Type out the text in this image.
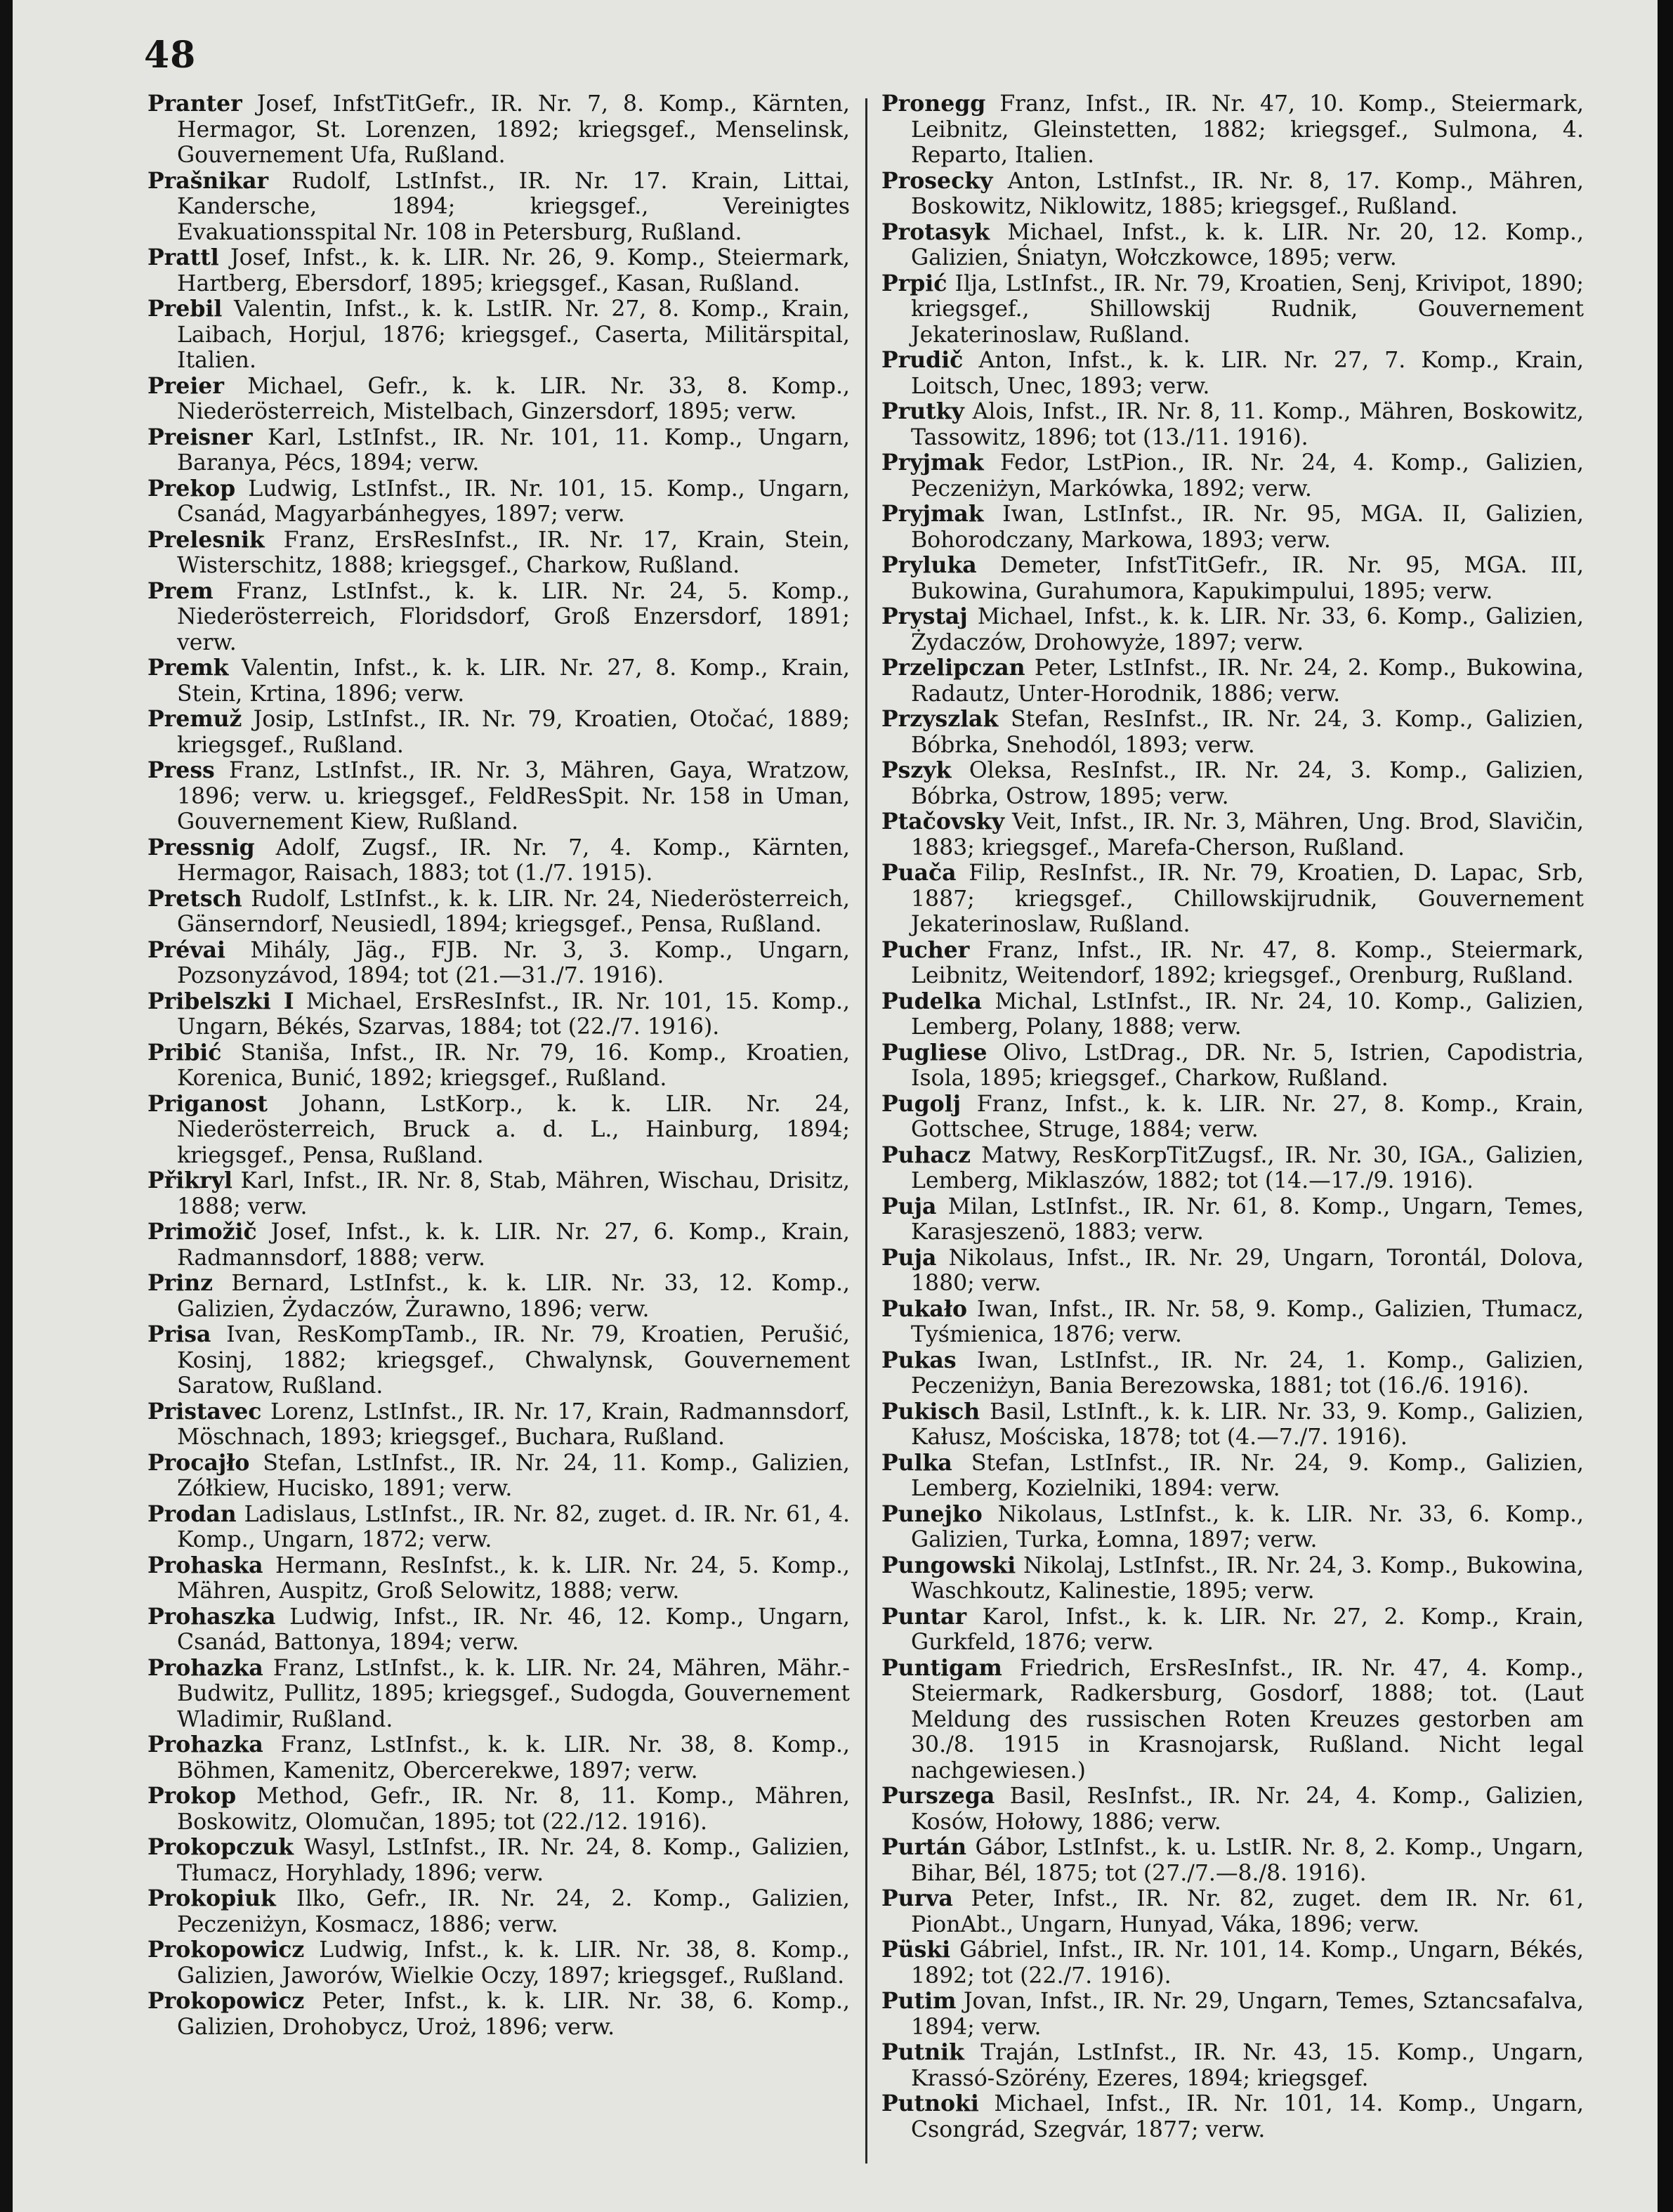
48

Pranter Josef, InfstTitGefr., IR. Nr. 7, 8. Komp., Kärnten, Hermagor, St. Lorenzen, 1892; kriegsgef., Menselinsk, Gouvernement Ufa, Rußland.

Prašnikar Rudolf, LstInfst., IR. Nr. 17. Krain, Littai, Kandersche, 1894; kriegsgef., Vereinigtes Evakuationsspital Nr. 108 in Petersburg, Rußland.

Prattl Josef, Infst., k. k. LIR. Nr. 26, 9. Komp., Steiermark, Hartberg, Ebersdorf, 1895; kriegsgef., Kasan, Rußland.

Prebil Valentin, Infst., k. k. LstIR. Nr. 27, 8. Komp., Krain, Laibach, Horjul, 1876; kriegsgef., Caserta, Militärspital, Italien.

Preier Michael, Gefr., k. k. LIR. Nr. 33, 8. Komp., Niederösterreich, Mistelbach, Ginzersdorf, 1895; verw.

Preisner Karl, LstInfst., IR. Nr. 101, 11. Komp., Ungarn, Baranya, Pécs, 1894; verw.

Prekop Ludwig, LstInfst., IR. Nr. 101, 15. Komp., Ungarn, Csanád, Magyarbánhegyes, 1897; verw.

Prelesnik Franz, ErsResInfst., IR. Nr. 17, Krain, Stein, Wisterschitz, 1888; kriegsgef., Charkow, Rußland.

Prem Franz, LstInfst., k. k. LIR. Nr. 24, 5. Komp., Niederösterreich, Floridsdorf, Groß Enzersdorf, 1891; verw.

Premk Valentin, Infst., k. k. LIR. Nr. 27, 8. Komp., Krain, Stein, Krtina, 1896; verw.

Premuž Josip, LstInfst., IR. Nr. 79, Kroatien, Otočać, 1889; kriegsgef., Rußland.

Press Franz, LstInfst., IR. Nr. 3, Mähren, Gaya, Wratzow, 1896; verw. u. kriegsgef., FeldResSpit. Nr. 158 in Uman, Gouvernement Kiew, Rußland.

Pressnig Adolf, Zugsf., IR. Nr. 7, 4. Komp., Kärnten, Hermagor, Raisach, 1883; tot (1./7. 1915).

Pretsch Rudolf, LstInfst., k. k. LIR. Nr. 24, Niederösterreich, Gänserndorf, Neusiedl, 1894; kriegsgef., Pensa, Rußland.

Prévai Mihály, Jäg., FJB. Nr. 3, 3. Komp., Ungarn, Pozsonyzávod, 1894; tot (21.—31./7. 1916).

Pribelszki I Michael, ErsResInfst., IR. Nr. 101, 15. Komp., Ungarn, Békés, Szarvas, 1884; tot (22./7. 1916).

Pribić Staniša, Infst., IR. Nr. 79, 16. Komp., Kroatien, Korenica, Bunić, 1892; kriegsgef., Rußland.

Priganost Johann, LstKorp., k. k. LIR. Nr. 24, Niederösterreich, Bruck a. d. L., Hainburg, 1894; kriegsgef., Pensa, Rußland.

Přikryl Karl, Infst., IR. Nr. 8, Stab, Mähren, Wischau, Drisitz, 1888; verw.

Primožič Josef, Infst., k. k. LIR. Nr. 27, 6. Komp., Krain, Radmannsdorf, 1888; verw.

Prinz Bernard, LstInfst., k. k. LIR. Nr. 33, 12. Komp., Galizien, Żydaczów, Żurawno, 1896; verw.

Prisa Ivan, ResKompTamb., IR. Nr. 79, Kroatien, Perušić, Kosinj, 1882; kriegsgef., Chwalynsk, Gouvernement Saratow, Rußland.

Pristavec Lorenz, LstInfst., IR. Nr. 17, Krain, Radmannsdorf, Möschnach, 1893; kriegsgef., Buchara, Rußland.

Procajło Stefan, LstInfst., IR. Nr. 24, 11. Komp., Galizien, Zółkiew, Hucisko, 1891; verw.

Prodan Ladislaus, LstInfst., IR. Nr. 82, zuget. d. IR. Nr. 61, 4. Komp., Ungarn, 1872; verw.

Prohaska Hermann, ResInfst., k. k. LIR. Nr. 24, 5. Komp., Mähren, Auspitz, Groß Selowitz, 1888; verw.

Prohaszka Ludwig, Infst., IR. Nr. 46, 12. Komp., Ungarn, Csanád, Battonya, 1894; verw.

Prohazka Franz, LstInfst., k. k. LIR. Nr. 24, Mähren, Mähr.-Budwitz, Pullitz, 1895; kriegsgef., Sudogda, Gouvernement Wladimir, Rußland.

Prohazka Franz, LstInfst., k. k. LIR. Nr. 38, 8. Komp., Böhmen, Kamenitz, Obercerekwe, 1897; verw.

Prokop Method, Gefr., IR. Nr. 8, 11. Komp., Mähren, Boskowitz, Olomučan, 1895; tot (22./12. 1916).

Prokopczuk Wasyl, LstInfst., IR. Nr. 24, 8. Komp., Galizien, Tłumacz, Horyhlady, 1896; verw.

Prokopiuk Ilko, Gefr., IR. Nr. 24, 2. Komp., Galizien, Peczeniżyn, Kosmacz, 1886; verw.

Prokopowicz Ludwig, Infst., k. k. LIR. Nr. 38, 8. Komp., Galizien, Jaworów, Wielkie Oczy, 1897; kriegsgef., Rußland.

Prokopowicz Peter, Infst., k. k. LIR. Nr. 38, 6. Komp., Galizien, Drohobycz, Uroż, 1896; verw.

Pronegg Franz, Infst., IR. Nr. 47, 10. Komp., Steiermark, Leibnitz, Gleinstetten, 1882; kriegsgef., Sulmona, 4. Reparto, Italien.

Prosecky Anton, LstInfst., IR. Nr. 8, 17. Komp., Mähren, Boskowitz, Niklowitz, 1885; kriegsgef., Rußland.

Protasyk Michael, Infst., k. k. LIR. Nr. 20, 12. Komp., Galizien, Śniatyn, Wołczkowce, 1895; verw.

Prpić Ilja, LstInfst., IR. Nr. 79, Kroatien, Senj, Krivipot, 1890; kriegsgef., Shillowskij Rudnik, Gouvernement Jekaterinoslaw, Rußland.

Prudič Anton, Infst., k. k. LIR. Nr. 27, 7. Komp., Krain, Loitsch, Unec, 1893; verw.

Prutky Alois, Infst., IR. Nr. 8, 11. Komp., Mähren, Boskowitz, Tassowitz, 1896; tot (13./11. 1916).

Pryjmak Fedor, LstPion., IR. Nr. 24, 4. Komp., Galizien, Peczeniżyn, Markówka, 1892; verw.

Pryjmak Iwan, LstInfst., IR. Nr. 95, MGA. II, Galizien, Bohorodczany, Markowa, 1893; verw.

Pryluka Demeter, InfstTitGefr., IR. Nr. 95, MGA. III, Bukowina, Gurahumora, Kapukimpului, 1895; verw.

Prystaj Michael, Infst., k. k. LIR. Nr. 33, 6. Komp., Galizien, Żydaczów, Drohowyże, 1897; verw.

Przelipczan Peter, LstInfst., IR. Nr. 24, 2. Komp., Bukowina, Radautz, Unter-Horodnik, 1886; verw.

Przyszlak Stefan, ResInfst., IR. Nr. 24, 3. Komp., Galizien, Bóbrka, Snehodól, 1893; verw.

Pszyk Oleksa, ResInfst., IR. Nr. 24, 3. Komp., Galizien, Bóbrka, Ostrow, 1895; verw.

Ptačovsky Veit, Infst., IR. Nr. 3, Mähren, Ung. Brod, Slavičin, 1883; kriegsgef., Marefa-Cherson, Rußland.

Puača Filip, ResInfst., IR. Nr. 79, Kroatien, D. Lapac, Srb, 1887; kriegsgef., Chillowskijrudnik, Gouvernement Jekaterinoslaw, Rußland.

Pucher Franz, Infst., IR. Nr. 47, 8. Komp., Steiermark, Leibnitz, Weitendorf, 1892; kriegsgef., Orenburg, Rußland.

Pudelka Michal, LstInfst., IR. Nr. 24, 10. Komp., Galizien, Lemberg, Polany, 1888; verw.

Pugliese Olivo, LstDrag., DR. Nr. 5, Istrien, Capodistria, Isola, 1895; kriegsgef., Charkow, Rußland.

Pugolj Franz, Infst., k. k. LIR. Nr. 27, 8. Komp., Krain, Gottschee, Struge, 1884; verw.

Puhacz Matwy, ResKorpTitZugsf., IR. Nr. 30, IGA., Galizien, Lemberg, Miklaszów, 1882; tot (14.—17./9. 1916).

Puja Milan, LstInfst., IR. Nr. 61, 8. Komp., Ungarn, Temes, Karasjeszenö, 1883; verw.

Puja Nikolaus, Infst., IR. Nr. 29, Ungarn, Torontál, Dolova, 1880; verw.

Pukało Iwan, Infst., IR. Nr. 58, 9. Komp., Galizien, Tłumacz, Tyśmienica, 1876; verw.

Pukas Iwan, LstInfst., IR. Nr. 24, 1. Komp., Galizien, Peczeniżyn, Bania Berezowska, 1881; tot (16./6. 1916).

Pukisch Basil, LstInft., k. k. LIR. Nr. 33, 9. Komp., Galizien, Kałusz, Mościska, 1878; tot (4.—7./7. 1916).

Pulka Stefan, LstInfst., IR. Nr. 24, 9. Komp., Galizien, Lemberg, Kozielniki, 1894: verw.

Punejko Nikolaus, LstInfst., k. k. LIR. Nr. 33, 6. Komp., Galizien, Turka, Łomna, 1897; verw.

Pungowski Nikolaj, LstInfst., IR. Nr. 24, 3. Komp., Bukowina, Waschkoutz, Kalinestie, 1895; verw.

Puntar Karol, Infst., k. k. LIR. Nr. 27, 2. Komp., Krain, Gurkfeld, 1876; verw.

Puntigam Friedrich, ErsResInfst., IR. Nr. 47, 4. Komp., Steiermark, Radkersburg, Gosdorf, 1888; tot. (Laut Meldung des russischen Roten Kreuzes gestorben am 30./8. 1915 in Krasnojarsk, Rußland. Nicht legal nachgewiesen.)

Purszega Basil, ResInfst., IR. Nr. 24, 4. Komp., Galizien, Kosów, Hołowy, 1886; verw.

Purtán Gábor, LstInfst., k. u. LstIR. Nr. 8, 2. Komp., Ungarn, Bihar, Bél, 1875; tot (27./7.—8./8. 1916).

Purva Peter, Infst., IR. Nr. 82, zuget. dem IR. Nr. 61, PionAbt., Ungarn, Hunyad, Váka, 1896; verw.

Püski Gábriel, Infst., IR. Nr. 101, 14. Komp., Ungarn, Békés, 1892; tot (22./7. 1916).

Putim Jovan, Infst., IR. Nr. 29, Ungarn, Temes, Sztancsafalva, 1894; verw.

Putnik Traján, LstInfst., IR. Nr. 43, 15. Komp., Ungarn, Krassó-Szörény, Ezeres, 1894; kriegsgef.

Putnoki Michael, Infst., IR. Nr. 101, 14. Komp., Ungarn, Csongrád, Szegvár, 1877; verw.
